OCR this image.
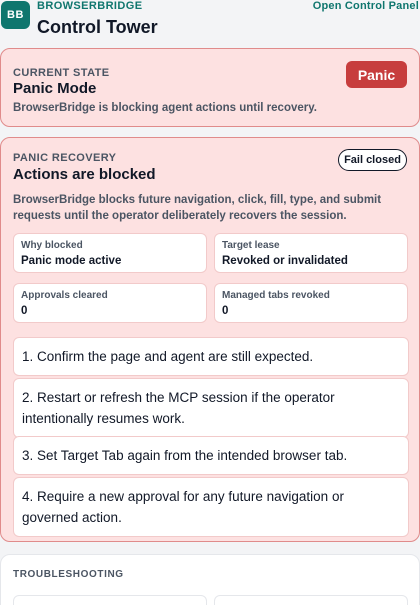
BB
BROWSERBRIDGE
Control Tower
Open Control Panel
CURRENT STATE
Panic Mode
BrowserBridge is blocking agent actions until recovery.
Panic
PANIC RECOVERY
Actions are blocked
Fail closed
BrowserBridge blocks future navigation, click, fill, type, and submit requests until the operator deliberately recovers the session.
Why blocked
Panic mode active
Target lease
Revoked or invalidated
Approvals cleared
0
Managed tabs revoked
0
1. Confirm the page and agent are still expected.
2. Restart or refresh the MCP session if the operator intentionally resumes work.
3. Set Target Tab again from the intended browser tab.
4. Require a new approval for any future navigation or governed action.
TROUBLESHOOTING
